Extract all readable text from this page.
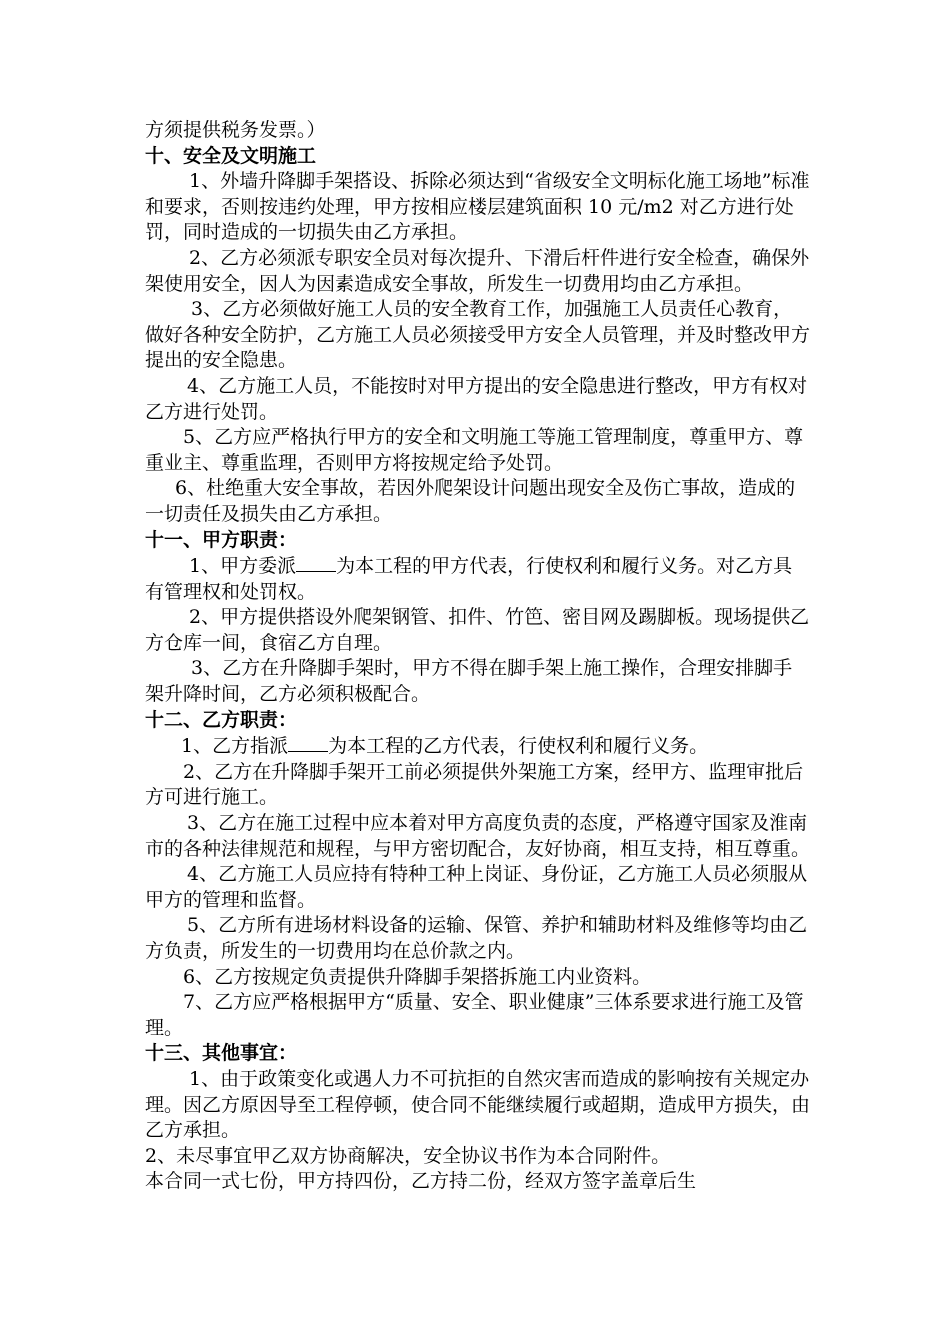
方须提供税务发票。）

十、安全及文明施工

1、外墙升降脚手架搭设、拆除必须达到“省级安全文明标化施工场地”标准和要求，否则按违约处理，甲方按相应楼层建筑面积 10 元/m2 对乙方进行处罚，同时造成的一切损失由乙方承担。

2、乙方必须派专职安全员对每次提升、下滑后杆件进行安全检查，确保外架使用安全，因人为因素造成安全事故，所发生一切费用均由乙方承担。

3、乙方必须做好施工人员的安全教育工作，加强施工人员责任心教育，做好各种安全防护，乙方施工人员必须接受甲方安全人员管理，并及时整改甲方提出的安全隐患。

4、乙方施工人员，不能按时对甲方提出的安全隐患进行整改，甲方有权对乙方进行处罚。

5、乙方应严格执行甲方的安全和文明施工等施工管理制度，尊重甲方、尊重业主、尊重监理，否则甲方将按规定给予处罚。

6、杜绝重大安全事故，若因外爬架设计问题出现安全及伤亡事故，造成的一切责任及损失由乙方承担。

十一、甲方职责：

1、甲方委派 为本工程的甲方代表，行使权利和履行义务。对乙方具有管理权和处罚权。

2、甲方提供搭设外爬架钢管、扣件、竹笆、密目网及踢脚板。现场提供乙方仓库一间，食宿乙方自理。

3、乙方在升降脚手架时，甲方不得在脚手架上施工操作，合理安排脚手架升降时间，乙方必须积极配合。

十二、乙方职责：

1、乙方指派 为本工程的乙方代表，行使权利和履行义务。

2、乙方在升降脚手架开工前必须提供外架施工方案，经甲方、监理审批后方可进行施工。

3、乙方在施工过程中应本着对甲方高度负责的态度，严格遵守国家及淮南市的各种法律规范和规程，与甲方密切配合，友好协商，相互支持，相互尊重。

4、乙方施工人员应持有特种工种上岗证、身份证，乙方施工人员必须服从甲方的管理和监督。

5、乙方所有进场材料设备的运输、保管、养护和辅助材料及维修等均由乙方负责，所发生的一切费用均在总价款之内。

6、乙方按规定负责提供升降脚手架搭拆施工内业资料。

7、乙方应严格根据甲方“质量、安全、职业健康”三体系要求进行施工及管理。

十三、其他事宜：

1、由于政策变化或遇人力不可抗拒的自然灾害而造成的影响按有关规定办理。因乙方原因导至工程停顿，使合同不能继续履行或超期，造成甲方损失，由乙方承担。

2、未尽事宜甲乙双方协商解决，安全协议书作为本合同附件。

本合同一式七份，甲方持四份，乙方持二份，经双方签字盖章后生
